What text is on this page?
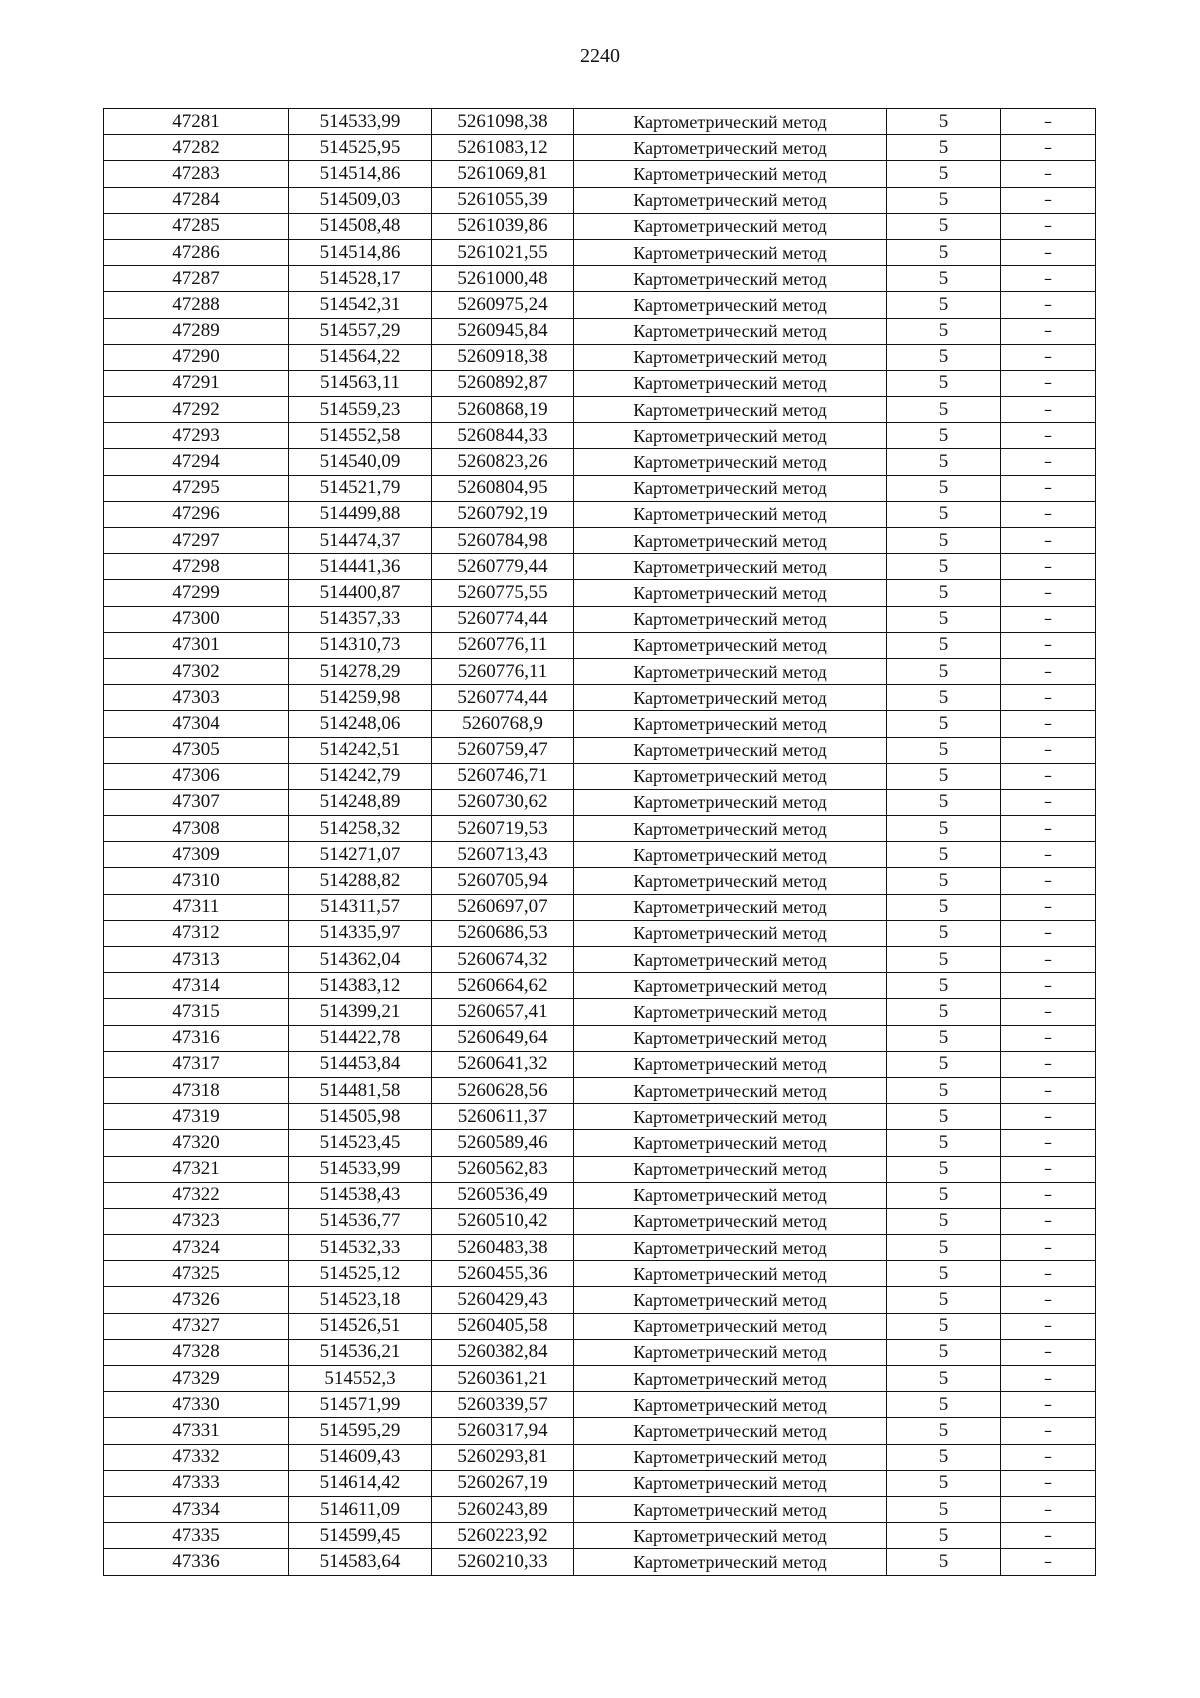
2240
47281	514533,99	5261098,38	Картометрический метод	5	–
47282	514525,95	5261083,12	Картометрический метод	5	–
47283	514514,86	5261069,81	Картометрический метод	5	–
47284	514509,03	5261055,39	Картометрический метод	5	–
47285	514508,48	5261039,86	Картометрический метод	5	–
47286	514514,86	5261021,55	Картометрический метод	5	–
47287	514528,17	5261000,48	Картометрический метод	5	–
47288	514542,31	5260975,24	Картометрический метод	5	–
47289	514557,29	5260945,84	Картометрический метод	5	–
47290	514564,22	5260918,38	Картометрический метод	5	–
47291	514563,11	5260892,87	Картометрический метод	5	–
47292	514559,23	5260868,19	Картометрический метод	5	–
47293	514552,58	5260844,33	Картометрический метод	5	–
47294	514540,09	5260823,26	Картометрический метод	5	–
47295	514521,79	5260804,95	Картометрический метод	5	–
47296	514499,88	5260792,19	Картометрический метод	5	–
47297	514474,37	5260784,98	Картометрический метод	5	–
47298	514441,36	5260779,44	Картометрический метод	5	–
47299	514400,87	5260775,55	Картометрический метод	5	–
47300	514357,33	5260774,44	Картометрический метод	5	–
47301	514310,73	5260776,11	Картометрический метод	5	–
47302	514278,29	5260776,11	Картометрический метод	5	–
47303	514259,98	5260774,44	Картометрический метод	5	–
47304	514248,06	5260768,9	Картометрический метод	5	–
47305	514242,51	5260759,47	Картометрический метод	5	–
47306	514242,79	5260746,71	Картометрический метод	5	–
47307	514248,89	5260730,62	Картометрический метод	5	–
47308	514258,32	5260719,53	Картометрический метод	5	–
47309	514271,07	5260713,43	Картометрический метод	5	–
47310	514288,82	5260705,94	Картометрический метод	5	–
47311	514311,57	5260697,07	Картометрический метод	5	–
47312	514335,97	5260686,53	Картометрический метод	5	–
47313	514362,04	5260674,32	Картометрический метод	5	–
47314	514383,12	5260664,62	Картометрический метод	5	–
47315	514399,21	5260657,41	Картометрический метод	5	–
47316	514422,78	5260649,64	Картометрический метод	5	–
47317	514453,84	5260641,32	Картометрический метод	5	–
47318	514481,58	5260628,56	Картометрический метод	5	–
47319	514505,98	5260611,37	Картометрический метод	5	–
47320	514523,45	5260589,46	Картометрический метод	5	–
47321	514533,99	5260562,83	Картометрический метод	5	–
47322	514538,43	5260536,49	Картометрический метод	5	–
47323	514536,77	5260510,42	Картометрический метод	5	–
47324	514532,33	5260483,38	Картометрический метод	5	–
47325	514525,12	5260455,36	Картометрический метод	5	–
47326	514523,18	5260429,43	Картометрический метод	5	–
47327	514526,51	5260405,58	Картометрический метод	5	–
47328	514536,21	5260382,84	Картометрический метод	5	–
47329	514552,3	5260361,21	Картометрический метод	5	–
47330	514571,99	5260339,57	Картометрический метод	5	–
47331	514595,29	5260317,94	Картометрический метод	5	–
47332	514609,43	5260293,81	Картометрический метод	5	–
47333	514614,42	5260267,19	Картометрический метод	5	–
47334	514611,09	5260243,89	Картометрический метод	5	–
47335	514599,45	5260223,92	Картометрический метод	5	–
47336	514583,64	5260210,33	Картометрический метод	5	–
